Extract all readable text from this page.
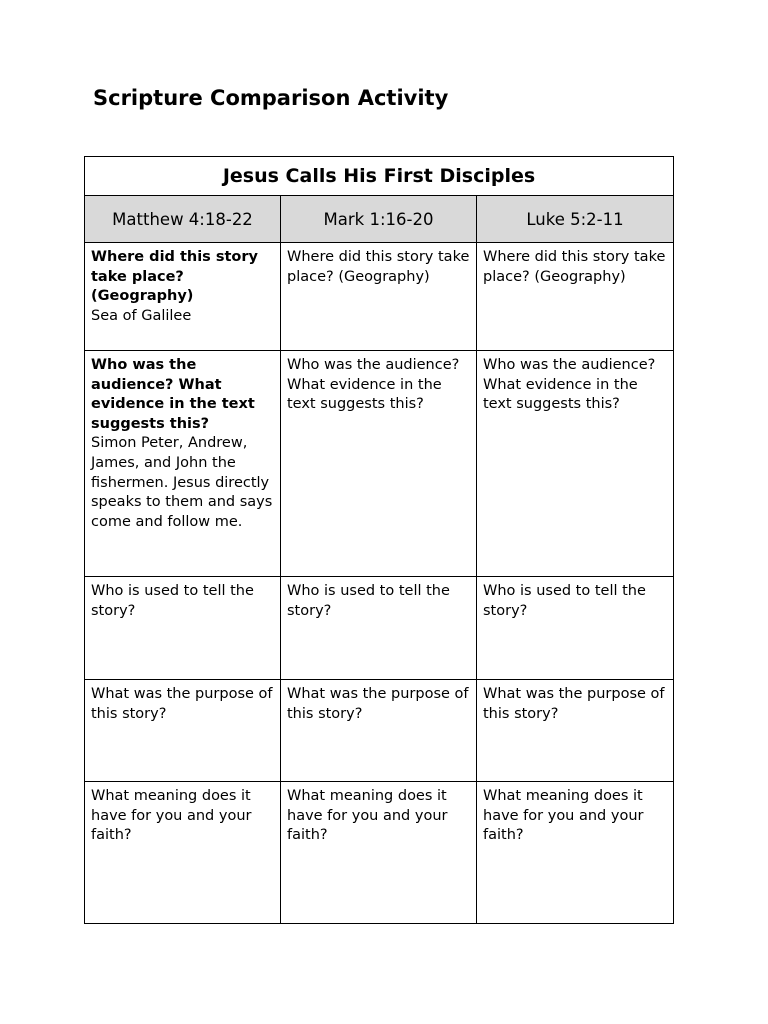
Scripture Comparison Activity
Jesus Calls His First Disciples		
Matthew 4:18-22	Mark 1:16-20	Luke 5:2-11

Where did this story take place? (Geography)
Sea of Galilee	Where did this story take place? (Geography)	Where did this story take place? (Geography)

Who was the audience? What evidence in the text suggests this?
Simon Peter, Andrew, James, and John the fishermen. Jesus directly speaks to them and says come and follow me.	Who was the audience? What evidence in the text suggests this?	Who was the audience? What evidence in the text suggests this?

Who is used to tell the story?	Who is used to tell the story?	Who is used to tell the story?

What was the purpose of this story?	What was the purpose of this story?	What was the purpose of this story?

What meaning does it have for you and your faith?	What meaning does it have for you and your faith?	What meaning does it have for you and your faith?
